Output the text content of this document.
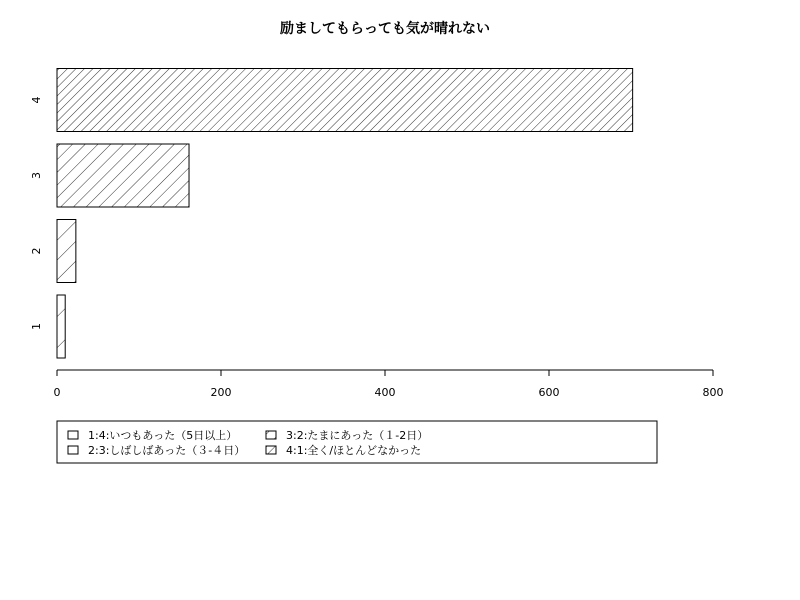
励ましてもらっても気が晴れない
1
2
3
4
0	200	400	600	800
1:4:いつもあった（5日以上）
2:3:しばしばあった（３-４日）
3:2:たまにあった（１-2日）
4:1:全く/ほとんどなかった
